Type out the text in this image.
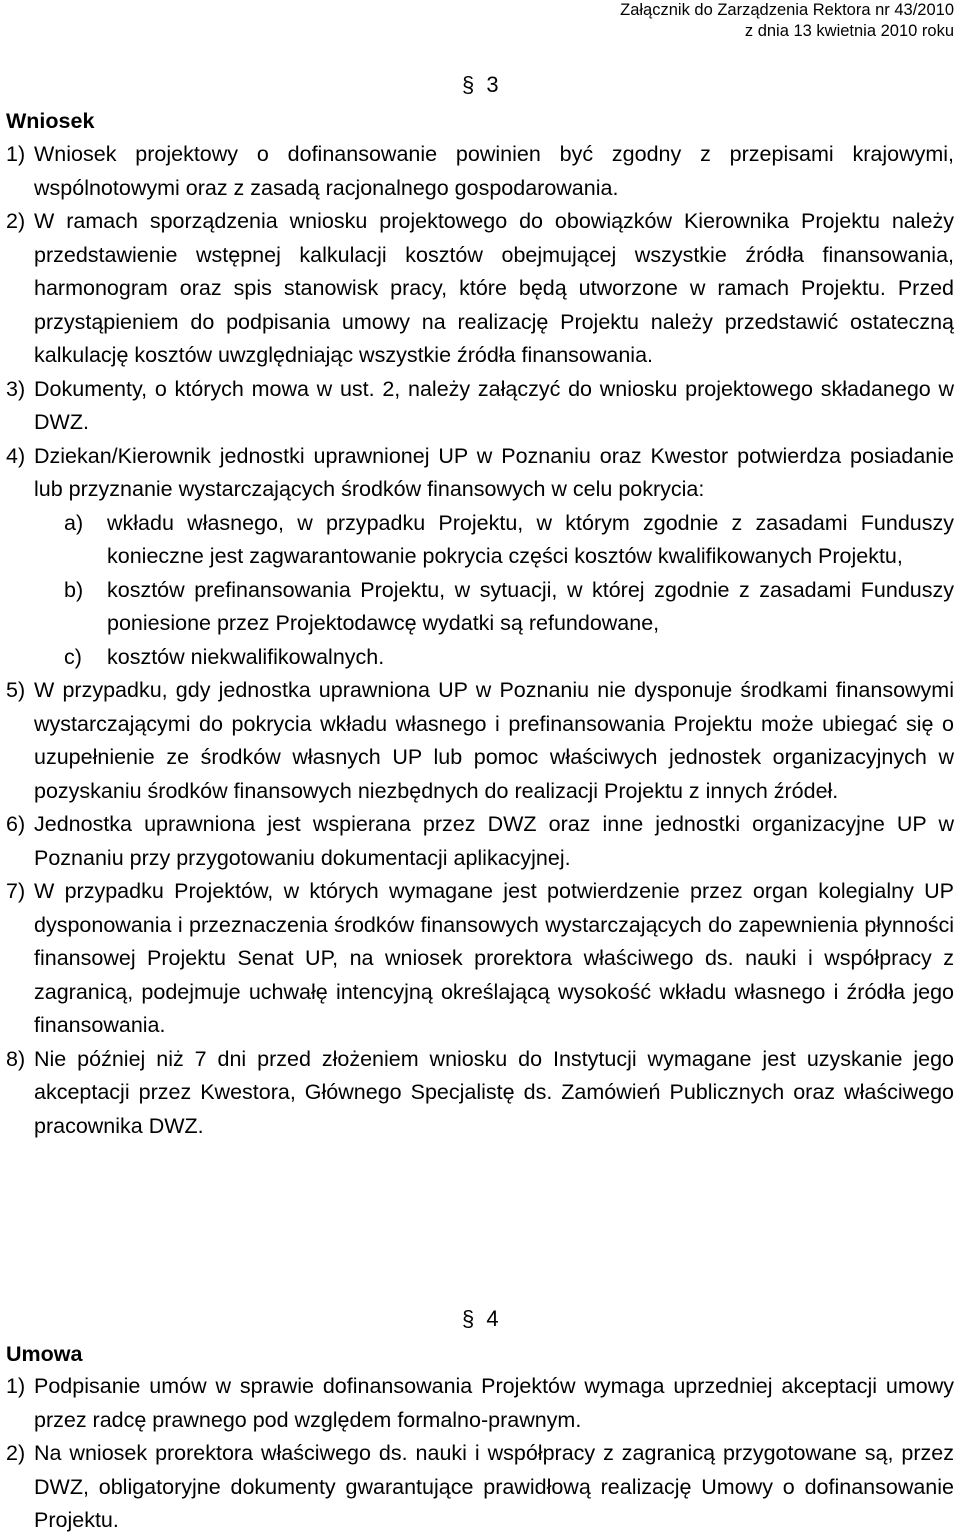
Załącznik do Zarządzenia Rektora nr 43/2010
z dnia 13 kwietnia 2010 roku
§ 3
Wniosek
1) Wniosek projektowy o dofinansowanie powinien być zgodny z przepisami krajowymi, wspólnotowymi oraz z zasadą racjonalnego gospodarowania.
2) W ramach sporządzenia wniosku projektowego do obowiązków Kierownika Projektu należy przedstawienie wstępnej kalkulacji kosztów obejmującej wszystkie źródła finansowania, harmonogram oraz spis stanowisk pracy, które będą utworzone w ramach Projektu. Przed przystąpieniem do podpisania umowy na realizację Projektu należy przedstawić ostateczną kalkulację kosztów uwzględniając wszystkie źródła finansowania.
3) Dokumenty, o których mowa w ust. 2, należy załączyć do wniosku projektowego składanego w DWZ.
4) Dziekan/Kierownik jednostki uprawnionej UP w Poznaniu oraz Kwestor potwierdza posiadanie lub przyznanie wystarczających środków finansowych w celu pokrycia:
a) wkładu własnego, w przypadku Projektu, w którym zgodnie z zasadami Funduszy konieczne jest zagwarantowanie pokrycia części kosztów kwalifikowanych Projektu,
b) kosztów prefinansowania Projektu, w sytuacji, w której zgodnie z zasadami Funduszy poniesione przez Projektodawcę wydatki są refundowane,
c) kosztów niekwalifikowalnych.
5) W przypadku, gdy jednostka uprawniona UP w Poznaniu nie dysponuje środkami finansowymi wystarczającymi do pokrycia wkładu własnego i prefinansowania Projektu może ubiegać się o uzupełnienie ze środków własnych UP lub pomoc właściwych jednostek organizacyjnych w pozyskaniu środków finansowych niezbędnych do realizacji Projektu z innych źródeł.
6) Jednostka uprawniona jest wspierana przez DWZ oraz inne jednostki organizacyjne UP w Poznaniu przy przygotowaniu dokumentacji aplikacyjnej.
7) W przypadku Projektów, w których wymagane jest potwierdzenie przez organ kolegialny UP dysponowania i przeznaczenia środków finansowych wystarczających do zapewnienia płynności finansowej Projektu Senat UP, na wniosek prorektora właściwego ds. nauki i współpracy z zagranicą, podejmuje uchwałę intencyjną określającą wysokość wkładu własnego i źródła jego finansowania.
8) Nie później niż 7 dni przed złożeniem wniosku do Instytucji wymagane jest uzyskanie jego akceptacji przez Kwestora, Głównego Specjalistę ds. Zamówień Publicznych oraz właściwego pracownika DWZ.
§ 4
Umowa
1) Podpisanie umów w sprawie dofinansowania Projektów wymaga uprzedniej akceptacji umowy przez radcę prawnego pod względem formalno-prawnym.
2) Na wniosek prorektora właściwego ds. nauki i współpracy z zagranicą przygotowane są, przez DWZ, obligatoryjne dokumenty gwarantujące prawidłową realizację Umowy o dofinansowanie Projektu.
